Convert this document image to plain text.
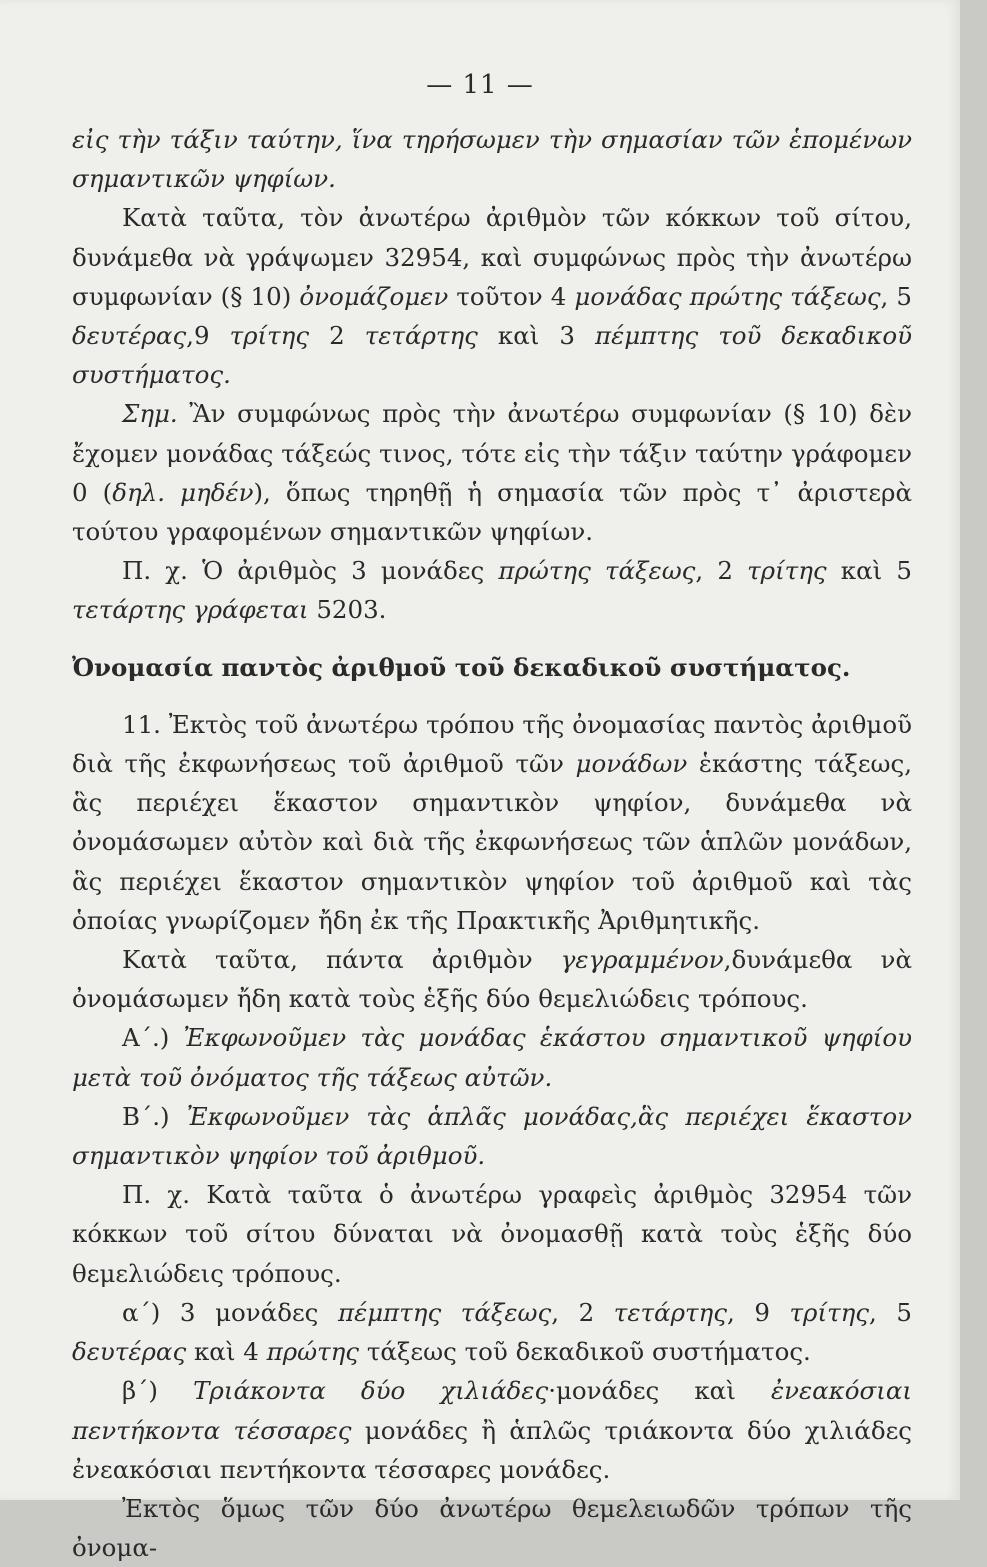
— 11 —

εἰς τὴν τάξιν ταύτην, ἵνα τηρήσωμεν τὴν σημασίαν τῶν ἑπομένων σημαντικῶν ψηφίων.

Κατὰ ταῦτα, τὸν ἀνωτέρω ἀριθμὸν τῶν κόκκων τοῦ σίτου, δυνάμεθα νὰ γράψωμεν 32954, καὶ συμφώνως πρὸς τὴν ἀνωτέρω συμφωνίαν (§ 10) ὀνομάζομεν τοῦτον 4 μονάδας πρώτης τάξεως, 5 δευτέρας,9 τρίτης 2 τετάρτης καὶ 3 πέμπτης τοῦ δεκαδικοῦ συστήματος.

Σημ. Ἂν συμφώνως πρὸς τὴν ἀνωτέρω συμφωνίαν (§ 10) δὲν ἔχομεν μονάδας τάξεώς τινος, τότε εἰς τὴν τάξιν ταύτην γράφομεν 0 (δηλ. μηδέν), ὅπως τηρηθῇ ἡ σημασία τῶν πρὸς τ᾽ ἀριστερὰ τούτου γραφομένων σημαντικῶν ψηφίων.

Π. χ. Ὁ ἀριθμὸς 3 μονάδες πρώτης τάξεως, 2 τρίτης καὶ 5 τετάρτης γράφεται 5203.

Ὀνομασία παντὸς ἀριθμοῦ τοῦ δεκαδικοῦ συστήματος.

11. Ἐκτὸς τοῦ ἀνωτέρω τρόπου τῆς ὀνομασίας παντὸς ἀριθμοῦ διὰ τῆς ἐκφωνήσεως τοῦ ἀριθμοῦ τῶν μονάδων ἑκάστης τάξεως, ἃς περιέχει ἕκαστον σημαντικὸν ψηφίον, δυνάμεθα νὰ ὀνομάσωμεν αὐτὸν καὶ διὰ τῆς ἐκφωνήσεως τῶν ἁπλῶν μονάδων, ἃς περιέχει ἕκαστον σημαντικὸν ψηφίον τοῦ ἀριθμοῦ καὶ τὰς ὁποίας γνωρίζομεν ἤδη ἐκ τῆς Πρακτικῆς Ἀριθμητικῆς.

Κατὰ ταῦτα, πάντα ἀριθμὸν γεγραμμένον,δυνάμεθα νὰ ὀνομάσωμεν ἤδη κατὰ τοὺς ἑξῆς δύο θεμελιώδεις τρόπους.

Α΄.) Ἐκφωνοῦμεν τὰς μονάδας ἑκάστου σημαντικοῦ ψηφίου μετὰ τοῦ ὀνόματος τῆς τάξεως αὐτῶν.

Β΄.) Ἐκφωνοῦμεν τὰς ἁπλᾶς μονάδας,ἃς περιέχει ἕκαστον σημαντικὸν ψηφίον τοῦ ἀριθμοῦ.

Π. χ. Κατὰ ταῦτα ὁ ἀνωτέρω γραφεὶς ἀριθμὸς 32954 τῶν κόκκων τοῦ σίτου δύναται νὰ ὀνομασθῇ κατὰ τοὺς ἑξῆς δύο θεμελιώδεις τρόπους.

α΄) 3 μονάδες πέμπτης τάξεως, 2 τετάρτης, 9 τρίτης, 5 δευτέρας καὶ 4 πρώτης τάξεως τοῦ δεκαδικοῦ συστήματος.

β΄) Τριάκοντα δύο χιλιάδες·μονάδες καὶ ἐνεακόσιαι πεντήκοντα τέσσαρες μονάδες ἢ ἁπλῶς τριάκοντα δύο χιλιάδες ἐνεακόσιαι πεντήκοντα τέσσαρες μονάδες.

Ἐκτὸς ὅμως τῶν δύο ἀνωτέρω θεμελειωδῶν τρόπων τῆς ὀνομα-
